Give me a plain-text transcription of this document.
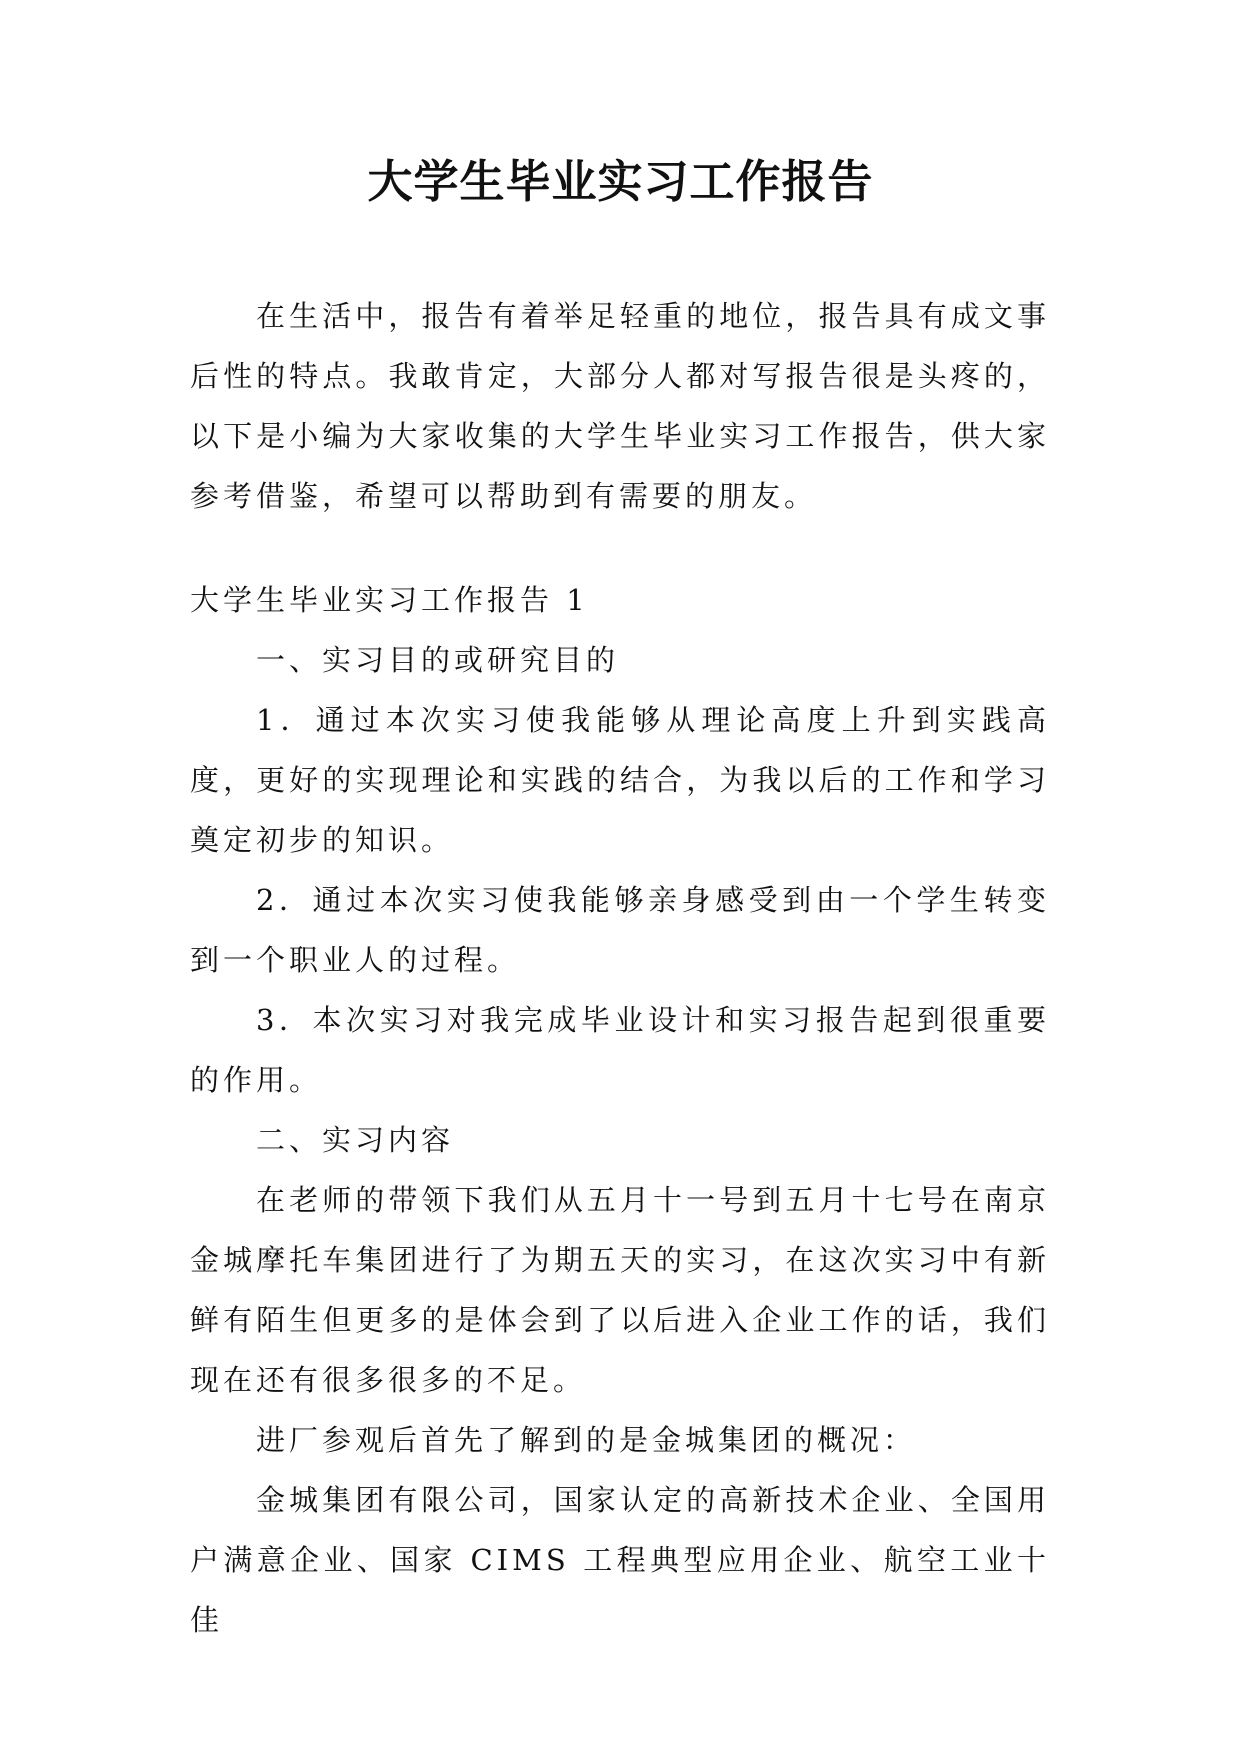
大学生毕业实习工作报告

在生活中，报告有着举足轻重的地位，报告具有成文事后性的特点。我敢肯定，大部分人都对写报告很是头疼的，以下是小编为大家收集的大学生毕业实习工作报告，供大家参考借鉴，希望可以帮助到有需要的朋友。

大学生毕业实习工作报告 1

一、实习目的或研究目的

1．通过本次实习使我能够从理论高度上升到实践高度，更好的实现理论和实践的结合，为我以后的工作和学习奠定初步的知识。

2．通过本次实习使我能够亲身感受到由一个学生转变到一个职业人的过程。

3．本次实习对我完成毕业设计和实习报告起到很重要的作用。

二、实习内容

在老师的带领下我们从五月十一号到五月十七号在南京金城摩托车集团进行了为期五天的实习，在这次实习中有新鲜有陌生但更多的是体会到了以后进入企业工作的话，我们现在还有很多很多的不足。

进厂参观后首先了解到的是金城集团的概况：

金城集团有限公司，国家认定的高新技术企业、全国用户满意企业、国家 CIMS 工程典型应用企业、航空工业十佳
